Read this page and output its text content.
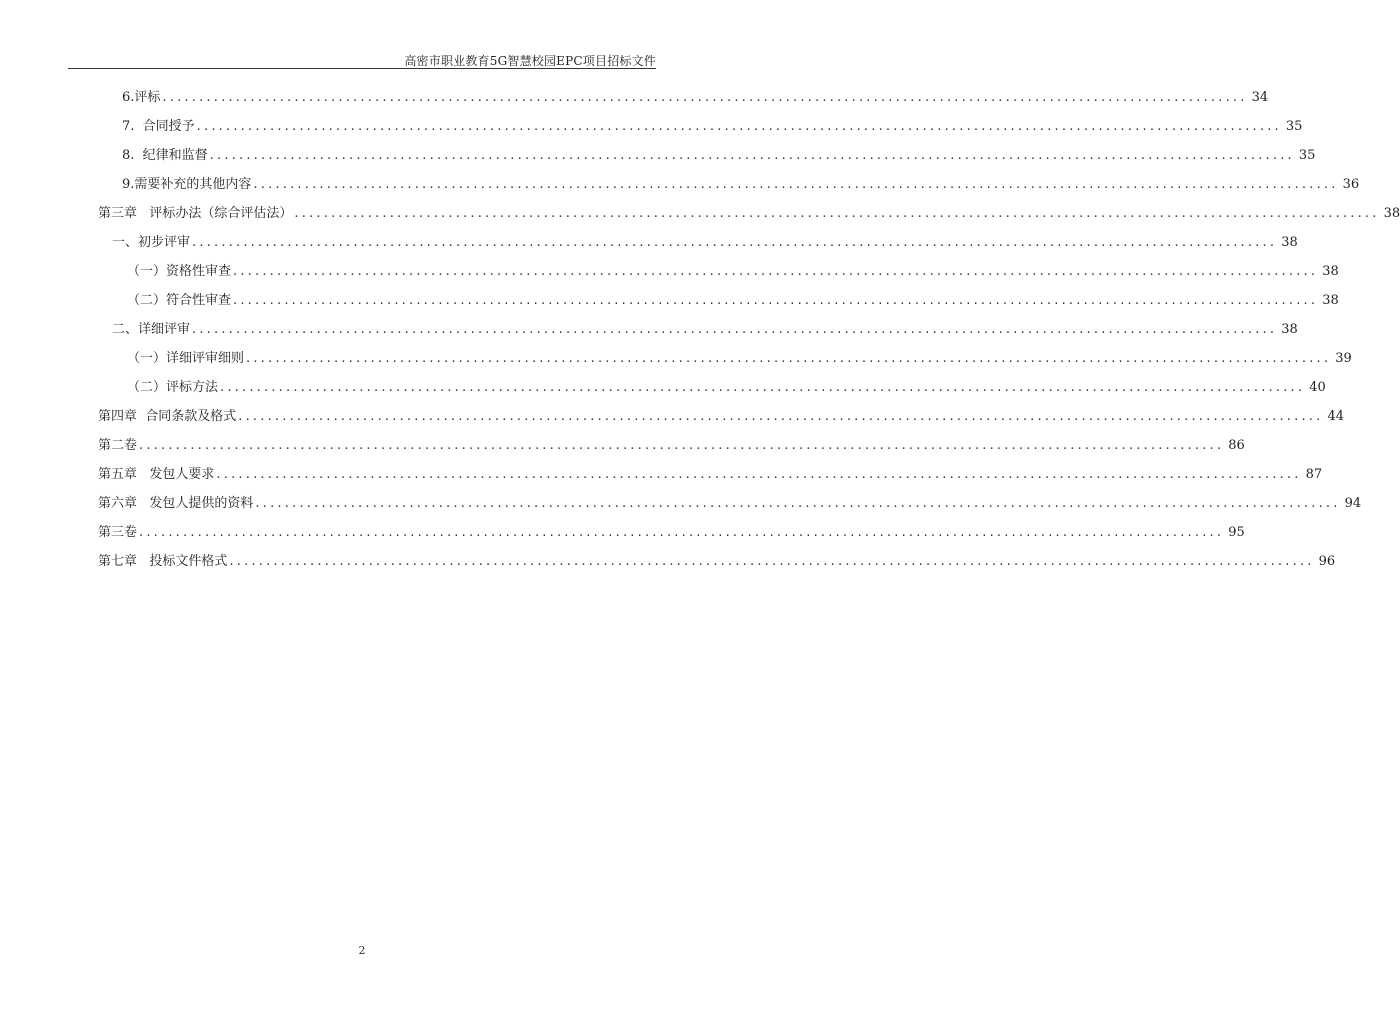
高密市职业教育5G智慧校园EPC项目招标文件
6.评标 .................................................................................................................................................... 34
7.  合同授予 .................................................................................................................................................... 35
8.  纪律和监督 .................................................................................................................................................... 35
9.需要补充的其他内容 .................................................................................................................................................... 36
第三章   评标办法（综合评估法） .................................................................................................................................................... 38
一、初步评审 .................................................................................................................................................... 38
（一）资格性审查 .................................................................................................................................................... 38
（二）符合性审查 .................................................................................................................................................... 38
二、详细评审 .................................................................................................................................................... 38
（一）详细评审细则 .................................................................................................................................................... 39
（二）评标方法 .................................................................................................................................................... 40
第四章  合同条款及格式 .................................................................................................................................................... 44
第二卷 .................................................................................................................................................... 86
第五章   发包人要求 .................................................................................................................................................... 87
第六章   发包人提供的资料 .................................................................................................................................................... 94
第三卷 .................................................................................................................................................... 95
第七章   投标文件格式 .................................................................................................................................................... 96
2
